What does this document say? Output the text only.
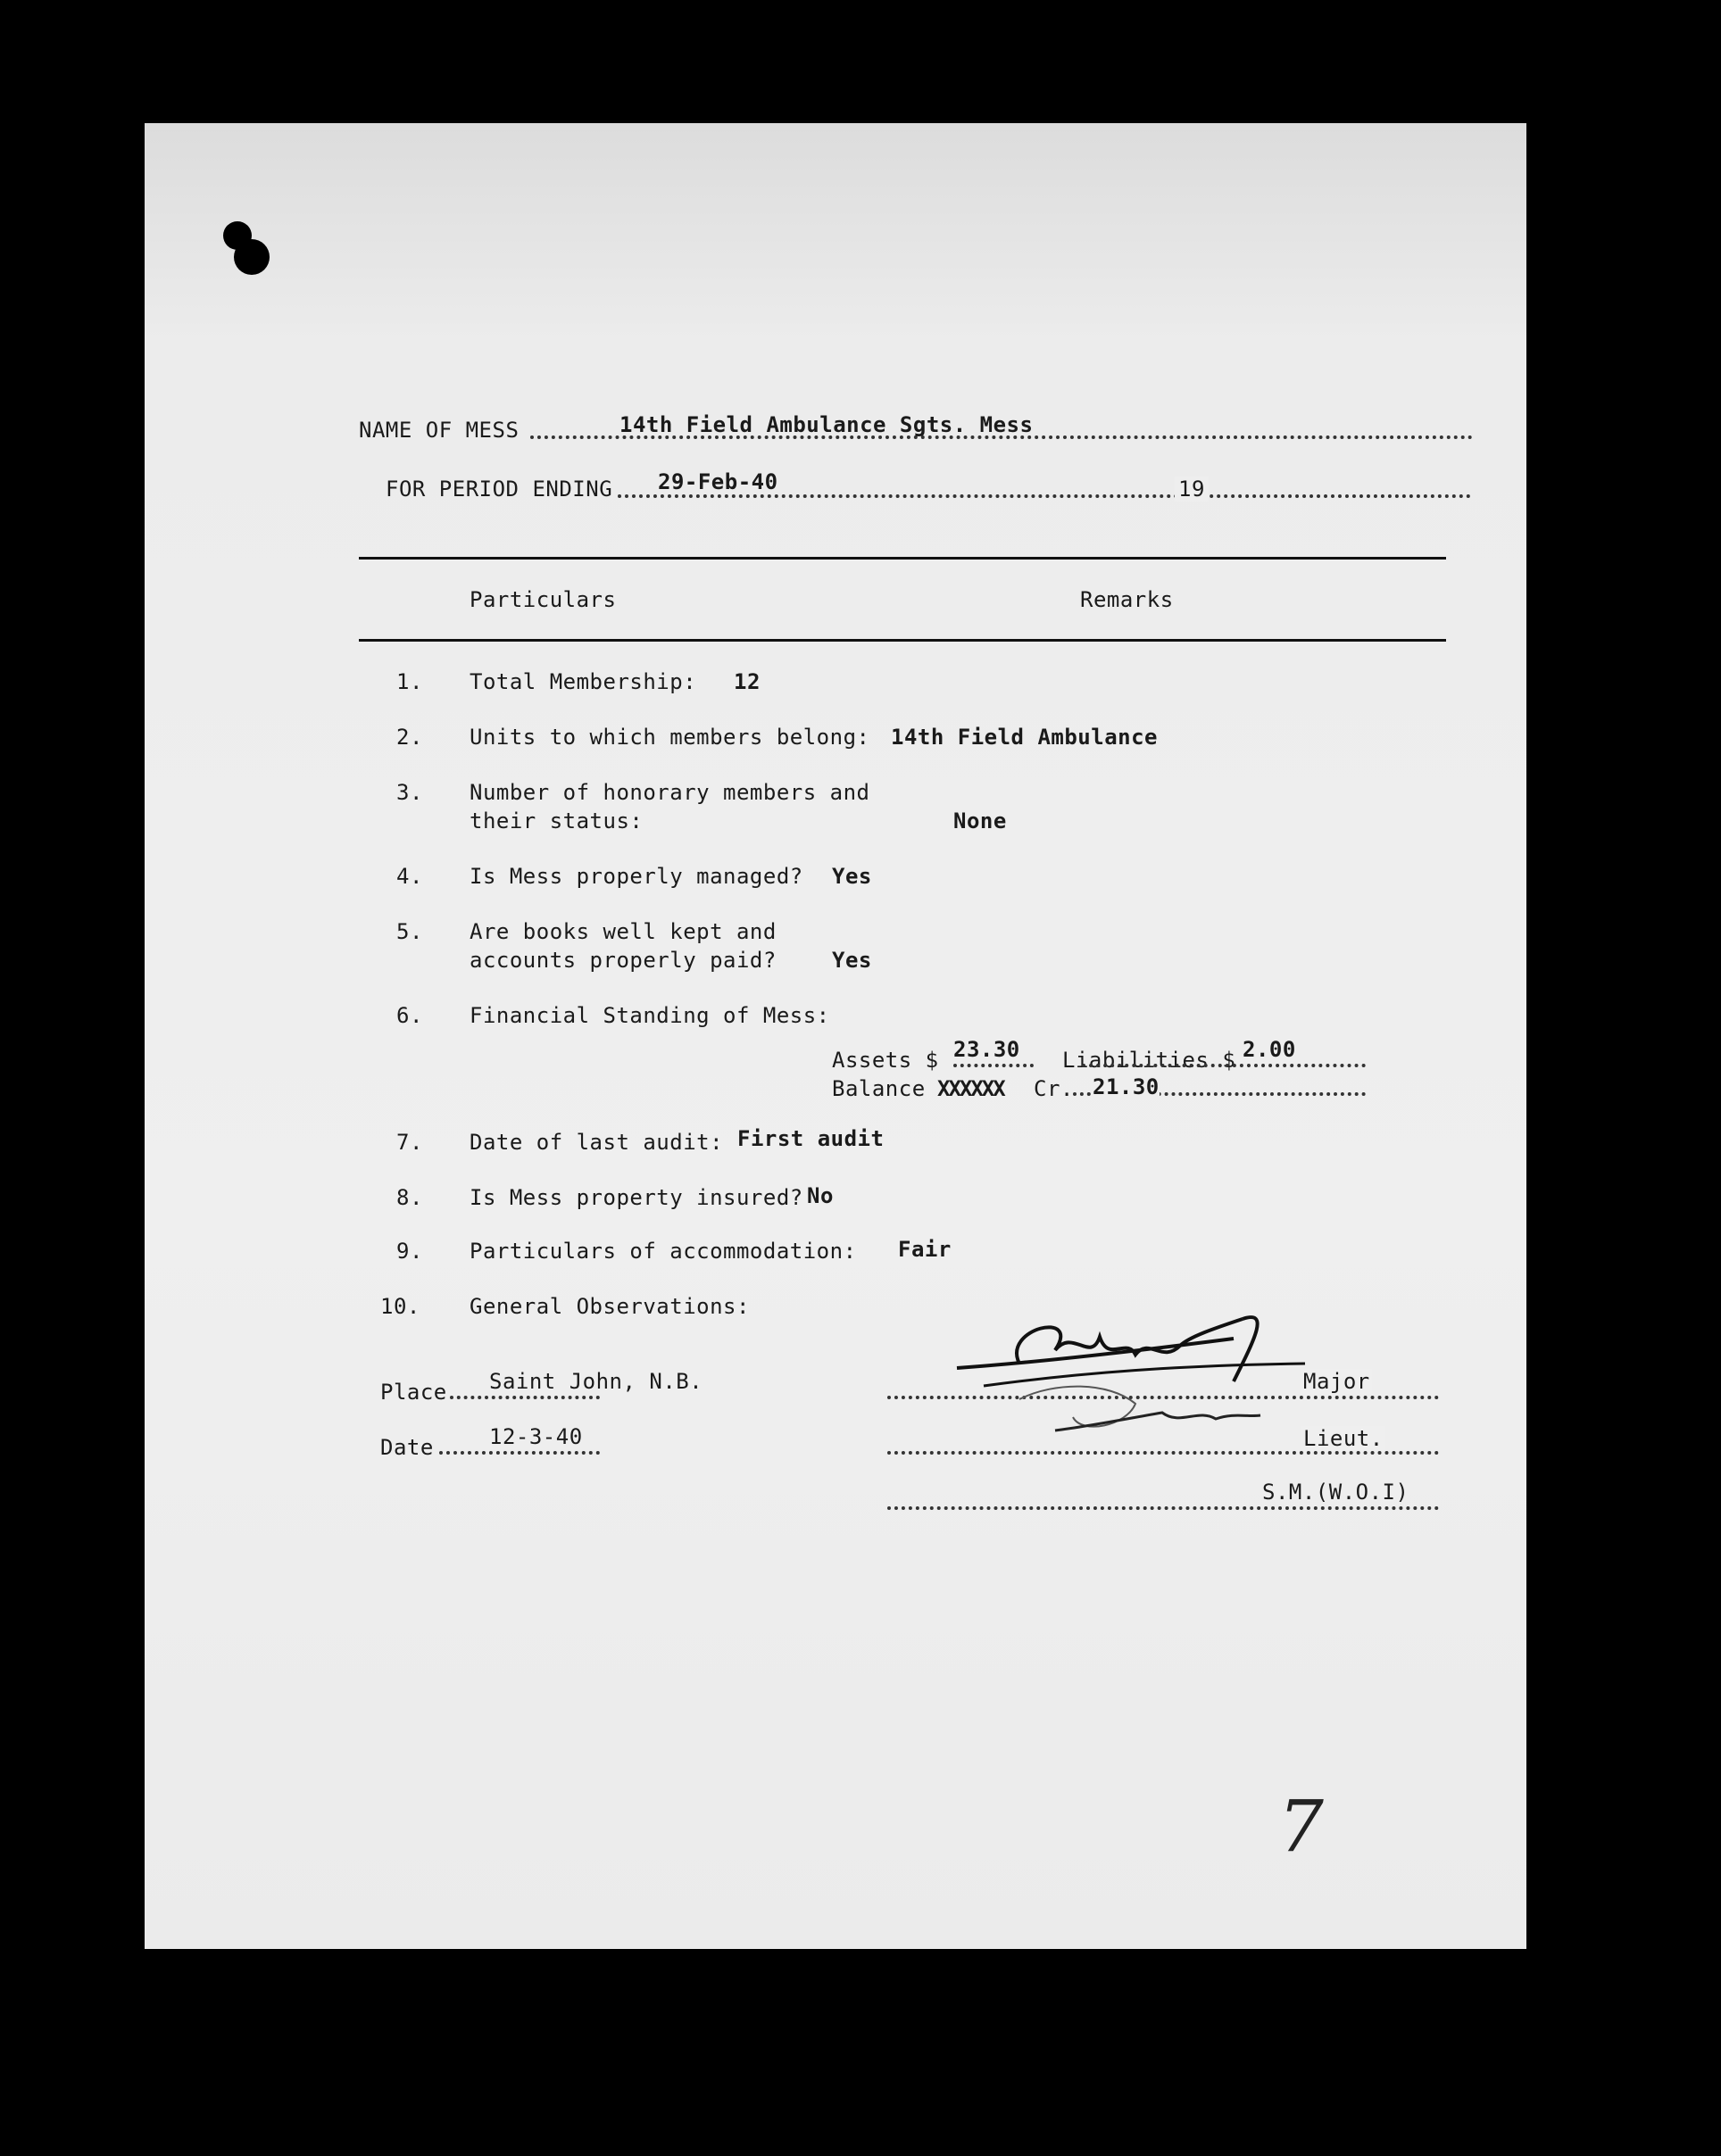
NAME OF MESS	14th Field Ambulance Sgts. Mess
FOR PERIOD ENDING 29-Feb-40	19
Particulars	Remarks
1. Total Membership: 12
2. Units to which members belong: 14th Field Ambulance
3. Number of honorary members and
their status:	None
4. Is Mess properly managed? Yes
5. Are books well kept and
accounts properly paid?	Yes
6. Financial Standing of Mess:
Assets $ 23.30 Liabilities $ 2.00
Balance XXXXXX Cr. 21.30
7. Date of last audit: First audit
8. Is Mess property insured? No
9. Particulars of accommodation: Fair
10. General Observations:
Place Saint John, N.B.
Date	12-3-40
Major
Lieut.
S.M.(W.O.I)
7
